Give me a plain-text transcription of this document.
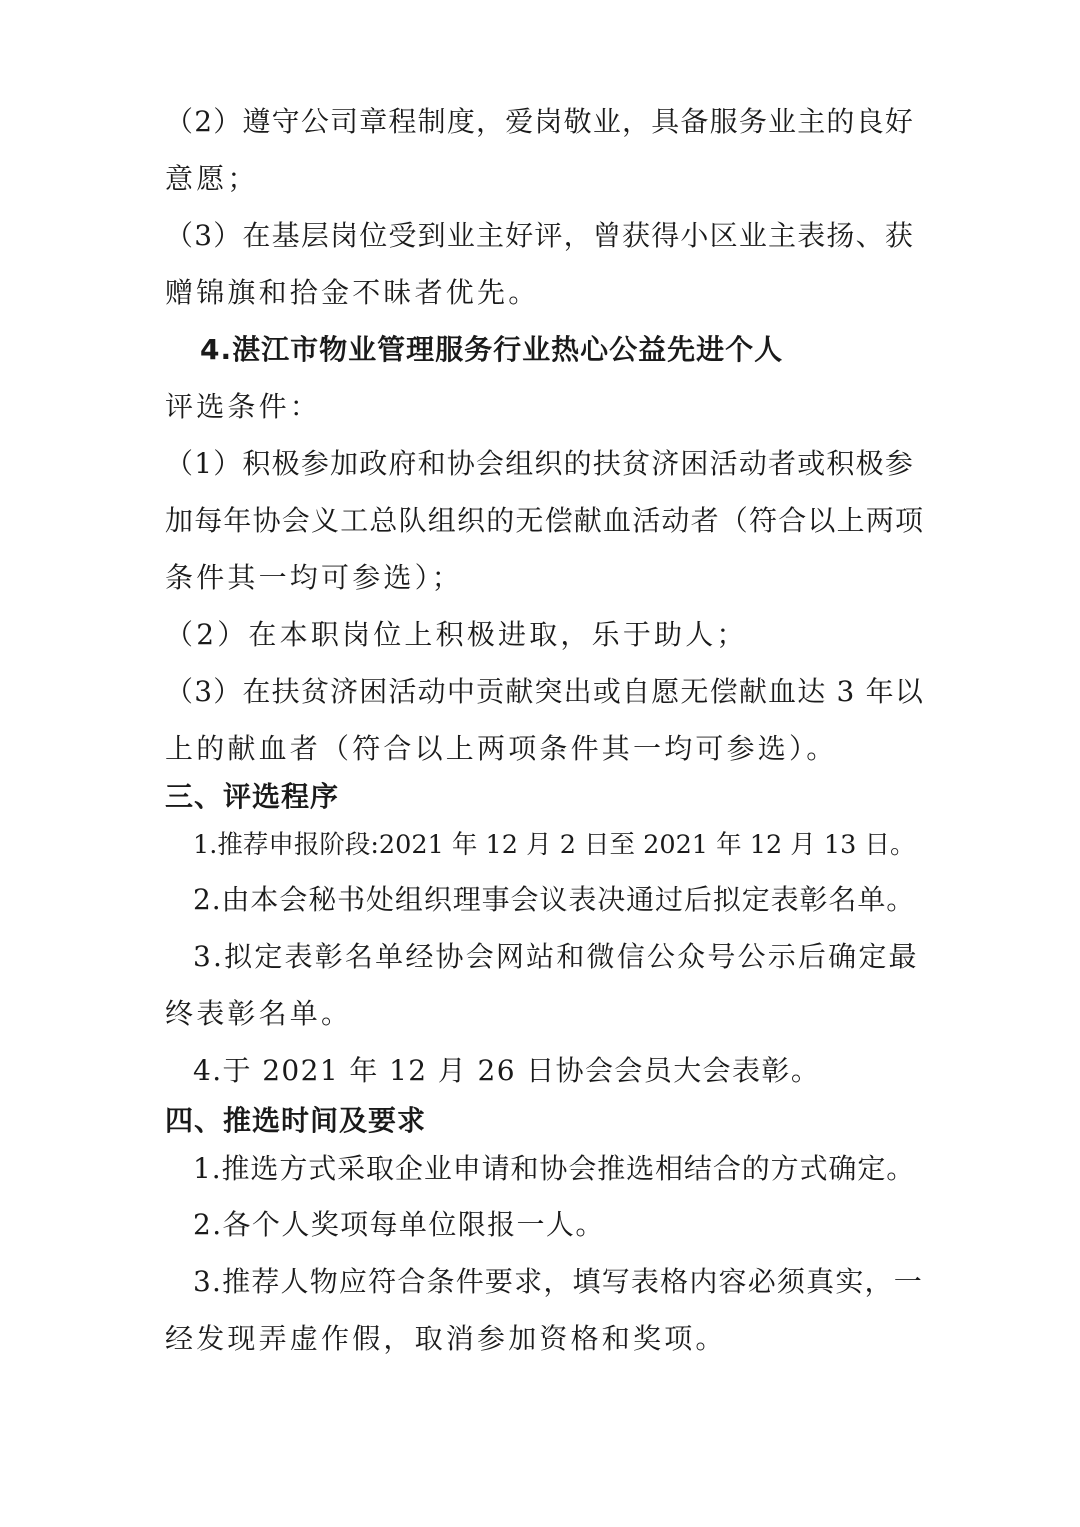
（2）遵守公司章程制度，爱岗敬业，具备服务业主的良好
意愿；
（3）在基层岗位受到业主好评，曾获得小区业主表扬、获
赠锦旗和拾金不昧者优先。
4.湛江市物业管理服务行业热心公益先进个人
评选条件：
（1）积极参加政府和协会组织的扶贫济困活动者或积极参
加每年协会义工总队组织的无偿献血活动者（符合以上两项
条件其一均可参选）；
（2）在本职岗位上积极进取，乐于助人；
（3）在扶贫济困活动中贡献突出或自愿无偿献血达 3 年以
上的献血者（符合以上两项条件其一均可参选）。
三、评选程序
1.推荐申报阶段:2021 年 12 月 2 日至 2021 年 12 月 13 日。
2.由本会秘书处组织理事会议表决通过后拟定表彰名单。
3.拟定表彰名单经协会网站和微信公众号公示后确定最
终表彰名单。
4.于 2021 年 12 月 26 日协会会员大会表彰。
四、推选时间及要求
1.推选方式采取企业申请和协会推选相结合的方式确定。
2.各个人奖项每单位限报一人。
3.推荐人物应符合条件要求，填写表格内容必须真实，一
经发现弄虚作假，取消参加资格和奖项。
